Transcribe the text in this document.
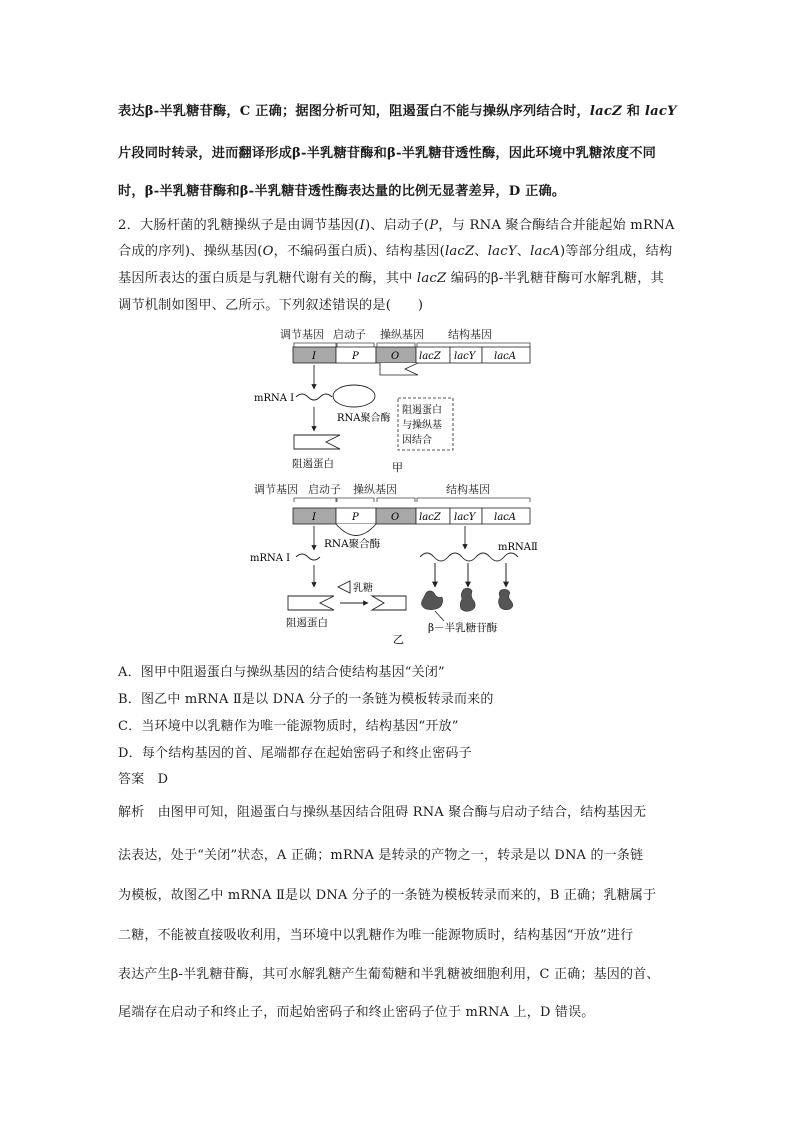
表达β-半乳糖苷酶，C 正确；据图分析可知，阻遏蛋白不能与操纵序列结合时，lacZ 和 lacY
片段同时转录，进而翻译形成β-半乳糖苷酶和β-半乳糖苷透性酶，因此环境中乳糖浓度不同
时，β-半乳糖苷酶和β-半乳糖苷透性酶表达量的比例无显著差异，D 正确。
2．大肠杆菌的乳糖操纵子是由调节基因(I)、启动子(P，与 RNA 聚合酶结合并能起始 mRNA
合成的序列)、操纵基因(O，不编码蛋白质)、结构基因(lacZ、lacY、lacA)等部分组成，结构
基因所表达的蛋白质是与乳糖代谢有关的酶，其中 lacZ 编码的β-半乳糖苷酶可水解乳糖，其
调节机制如图甲、乙所示。下列叙述错误的是(　　)
调节基因 启动子 操纵基因 结构基因
I	P	O lacZ lacY lacA
mRNA Ⅰ
RNA聚合酶
阻遏蛋白
与操纵基
因结合
阻遏蛋白	甲
调节基因 启动子 操纵基因	结构基因
I	P	O lacZ lacY lacA
RNA聚合酶
mRNA Ⅰ
乳糖
阻遏蛋白
乙
mRNAⅡ
β－半乳糖苷酶
A．图甲中阻遏蛋白与操纵基因的结合使结构基因“关闭”
B．图乙中 mRNA Ⅱ是以 DNA 分子的一条链为模板转录而来的
C．当环境中以乳糖作为唯一能源物质时，结构基因“开放”
D．每个结构基因的首、尾端都存在起始密码子和终止密码子
答案　D
解析　由图甲可知，阻遏蛋白与操纵基因结合阻碍 RNA 聚合酶与启动子结合，结构基因无
法表达，处于“关闭”状态，A 正确；mRNA 是转录的产物之一，转录是以 DNA 的一条链
为模板，故图乙中 mRNA Ⅱ是以 DNA 分子的一条链为模板转录而来的，B 正确；乳糖属于
二糖，不能被直接吸收利用，当环境中以乳糖作为唯一能源物质时，结构基因“开放”进行
表达产生β-半乳糖苷酶，其可水解乳糖产生葡萄糖和半乳糖被细胞利用，C 正确；基因的首、
尾端存在启动子和终止子，而起始密码子和终止密码子位于 mRNA 上，D 错误。
